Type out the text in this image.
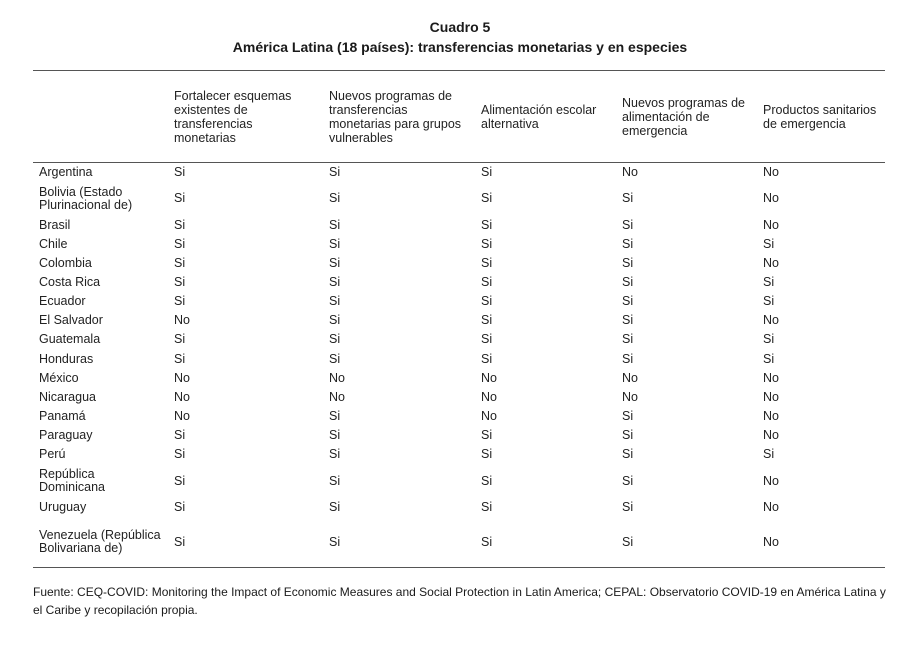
Cuadro 5
América Latina (18 países): transferencias monetarias y en especies
	Fortalecer esquemas existentes de transferencias monetarias	Nuevos programas de transferencias monetarias para grupos vulnerables	Alimentación escolar alternativa	Nuevos programas de alimentación de emergencia	Productos sanitarios de emergencia
Argentina	Si	Si	Si	No	No
Bolivia (Estado Plurinacional de)	Si	Si	Si	Si	No
Brasil	Si	Si	Si	Si	No
Chile	Si	Si	Si	Si	Si
Colombia	Si	Si	Si	Si	No
Costa Rica	Si	Si	Si	Si	Si
Ecuador	Si	Si	Si	Si	Si
El Salvador	No	Si	Si	Si	No
Guatemala	Si	Si	Si	Si	Si
Honduras	Si	Si	Si	Si	Si
México	No	No	No	No	No
Nicaragua	No	No	No	No	No
Panamá	No	Si	No	Si	No
Paraguay	Si	Si	Si	Si	No
Perú	Si	Si	Si	Si	Si
República Dominicana	Si	Si	Si	Si	No
Uruguay	Si	Si	Si	Si	No
Venezuela (República Bolivariana de)	Si	Si	Si	Si	No
Fuente: CEQ-COVID: Monitoring the Impact of Economic Measures and Social Protection in Latin America; CEPAL: Observatorio COVID-19 en América Latina y el Caribe y recopilación propia.
